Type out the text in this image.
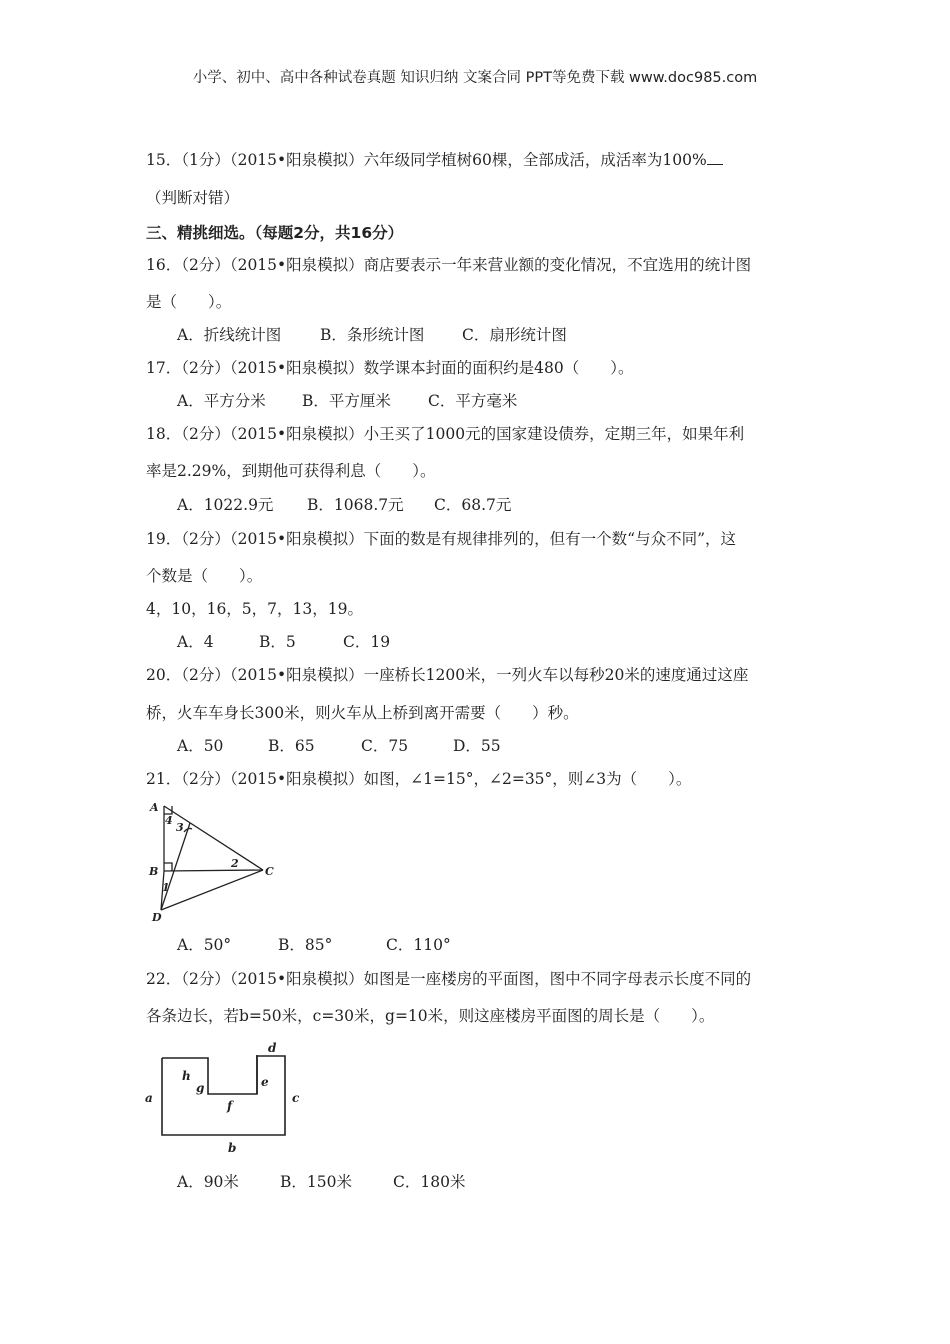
小学、初中、高中各种试卷真题 知识归纳 文案合同 PPT等免费下载 www.doc985.com
15．（1分）（2015•阳泉模拟）六年级同学植树60棵，全部成活，成活率为100%
（判断对错）
三、精挑细选。（每题2分，共16分）
16．（2分）（2015•阳泉模拟）商店要表示一年来营业额的变化情况，不宜选用的统计图
是（　　）。
A．折线统计图	B．条形统计图 C．扇形统计图
17．（2分）（2015•阳泉模拟）数学课本封面的面积约是480（　　）。
A．平方分米 B．平方厘米 C．平方毫米
18．（2分）（2015•阳泉模拟）小王买了1000元的国家建设债券，定期三年，如果年利
率是2.29%，到期他可获得利息（　　）。
A．1022.9元 B．1068.7元 C．68.7元
19．（2分）（2015•阳泉模拟）下面的数是有规律排列的，但有一个数“与众不同”，这
个数是（　　）。
4，10，16，5，7，13，19。
A．4	B．5	C．19
20．（2分）（2015•阳泉模拟）一座桥长1200米，一列火车以每秒20米的速度通过这座
桥，火车车身长300米，则火车从上桥到离开需要（　　）秒。
A．50	B．65	C．75	D．55
21．（2分）（2015•阳泉模拟）如图，∠1=15°，∠2=35°，则∠3为（　　）。
A
B	C
D
1
2
3
4
A．50°	B．85°	C．110°
22．（2分）（2015•阳泉模拟）如图是一座楼房的平面图，图中不同字母表示长度不同的
各条边长，若b=50米，c=30米，g=10米，则这座楼房平面图的周长是（　　）。
a
b
c
d
e
f
g
h
A．90米	B．150米	C．180米
